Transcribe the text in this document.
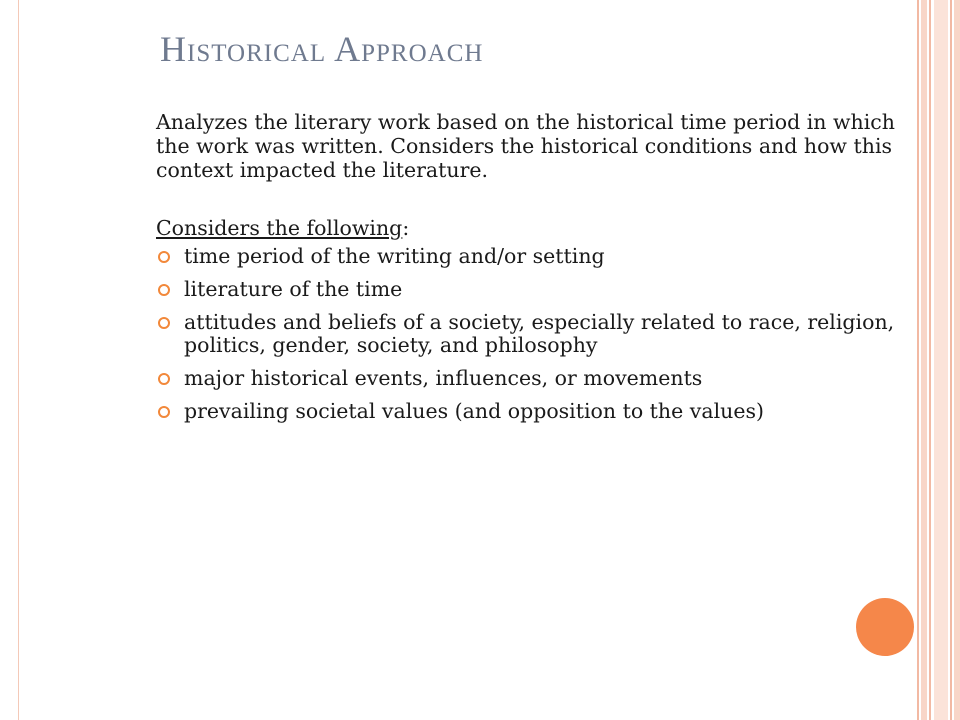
Historical Approach

Analyzes the literary work based on the historical time period in which the work was written. Considers the historical conditions and how this context impacted the literature.

Considers the following:

time period of the writing and/or setting
literature of the time
attitudes and beliefs of a society, especially related to race, religion, politics, gender, society, and philosophy
major historical events, influences, or movements
prevailing societal values (and opposition to the values)
